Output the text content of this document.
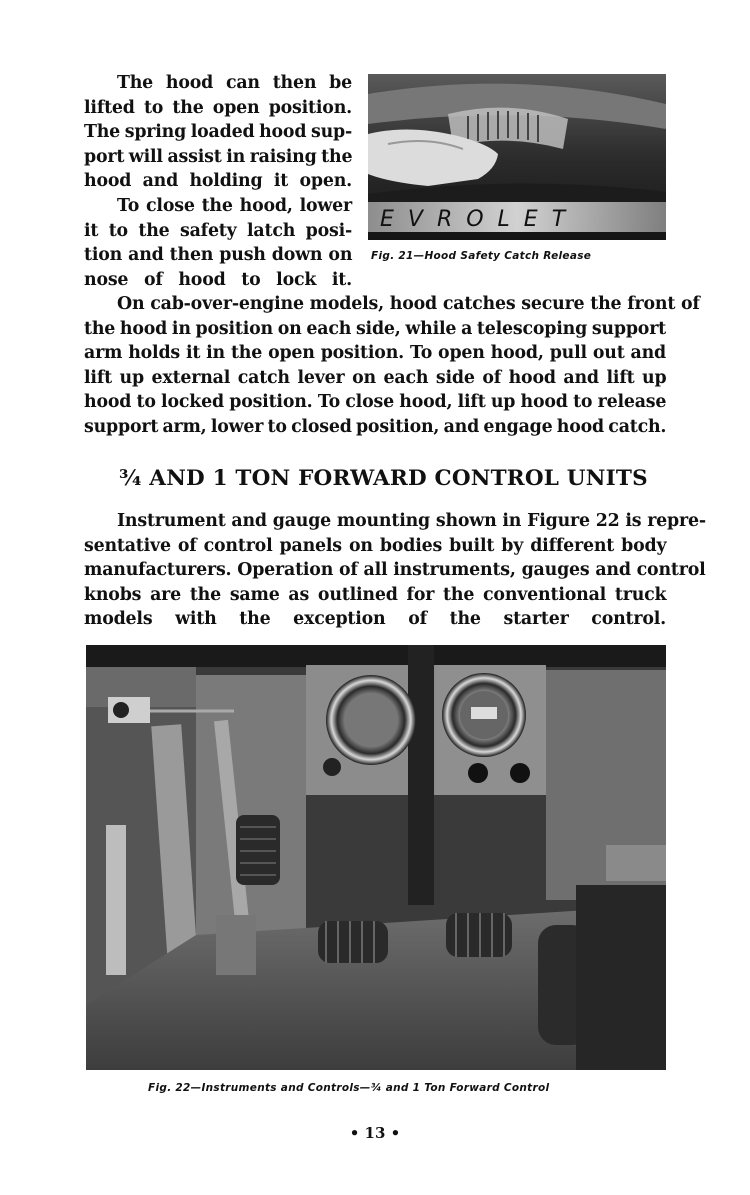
The hood can then be
lifted to the open position.
The spring loaded hood sup-
port will assist in raising the
hood and holding it open.
To close the hood, lower
it to the safety latch posi-
tion and then push down on
nose of hood to lock it.
EVROLET

Fig. 21—Hood Safety Catch Release

On cab-over-engine models, hood catches secure the front of
the hood in position on each side, while a telescoping support
arm holds it in the open position. To open hood, pull out and
lift up external catch lever on each side of hood and lift up
hood to locked position. To close hood, lift up hood to release
support arm, lower to closed position, and engage hood catch.
¾ AND 1 TON FORWARD CONTROL UNITS
Instrument and gauge mounting shown in Figure 22 is repre-
sentative of control panels on bodies built by different body
manufacturers. Operation of all instruments, gauges and control
knobs are the same as outlined for the conventional truck
models with the exception of the starter control.

Fig. 22—Instruments and Controls—¾ and 1 Ton Forward Control

• 13 •
